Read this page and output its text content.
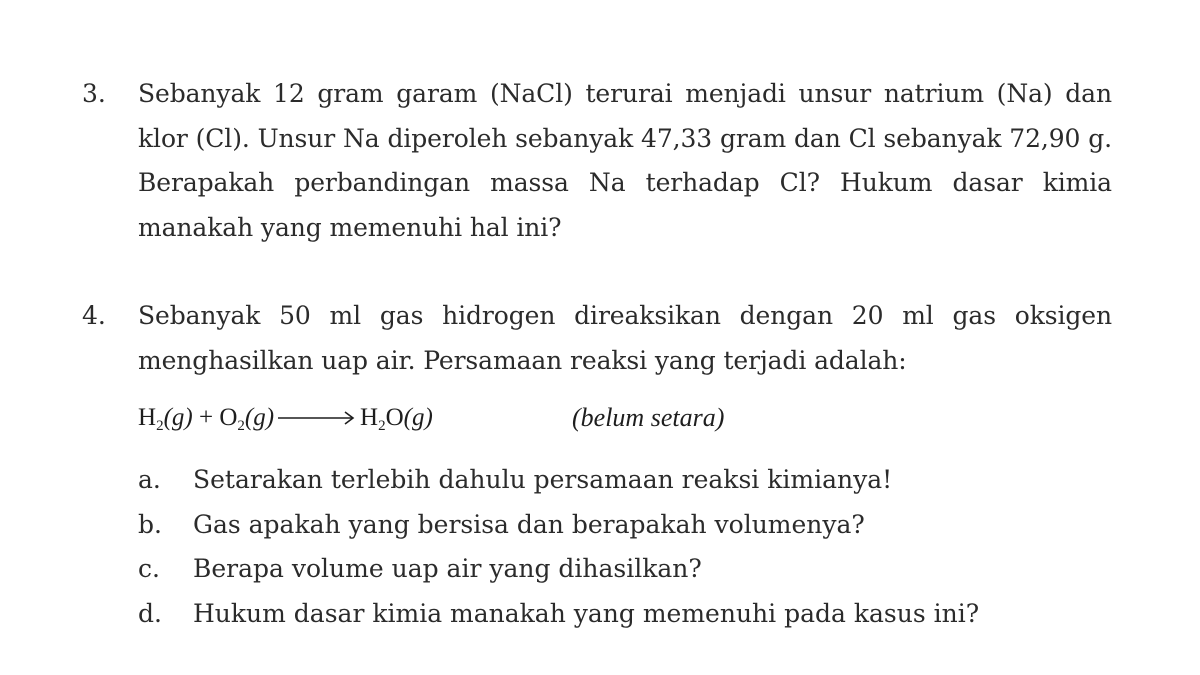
3. Sebanyak 12 gram garam (NaCl) terurai menjadi unsur natrium (Na) dan klor (Cl). Unsur Na diperoleh sebanyak 47,33 gram dan Cl sebanyak 72,90 g. Berapakah perbandingan massa Na terhadap Cl? Hukum dasar kimia manakah yang memenuhi hal ini?
4. Sebanyak 50 ml gas hidrogen direaksikan dengan 20 ml gas oksigen menghasilkan uap air. Persamaan reaksi yang terjadi adalah:
$H_2(g) + O_2(g) \to H_2O(g)$	(belum setara)
a. Setarakan terlebih dahulu persamaan reaksi kimianya!
b. Gas apakah yang bersisa dan berapakah volumenya?
c. Berapa volume uap air yang dihasilkan?
d. Hukum dasar kimia manakah yang memenuhi pada kasus ini?
